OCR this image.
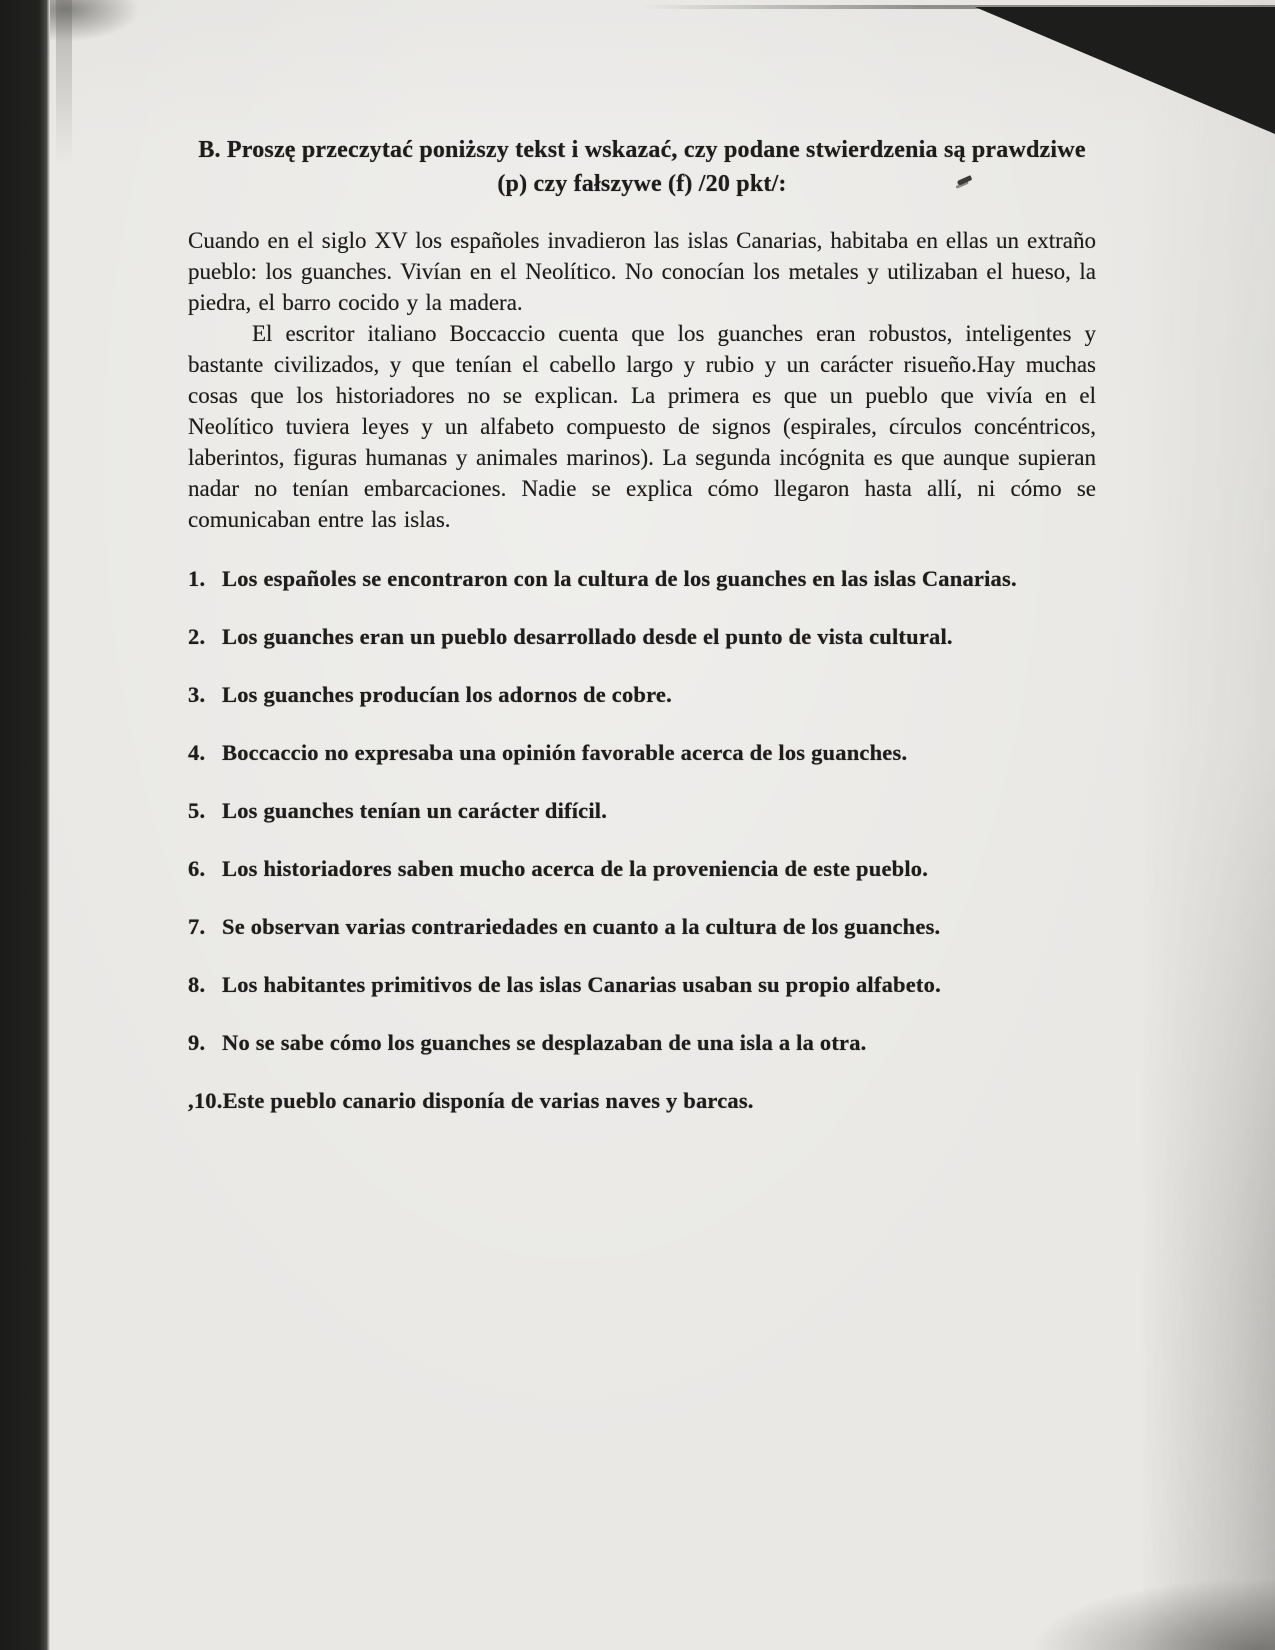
B. Proszę przeczytać poniższy tekst i wskazać, czy podane stwierdzenia są prawdziwe
(p) czy fałszywe (f) /20 pkt/:

Cuando en el siglo XV los españoles invadieron las islas Canarias, habitaba en ellas un extraño pueblo: los guanches. Vivían en el Neolítico. No conocían los metales y utilizaban el hueso, la piedra, el barro cocido y la madera.

El escritor italiano Boccaccio cuenta que los guanches eran robustos, inteligentes y bastante civilizados, y que tenían el cabello largo y rubio y un carácter risueño.Hay muchas cosas que los historiadores no se explican. La primera es que un pueblo que vivía en el Neolítico tuviera leyes y un alfabeto compuesto de signos (espirales, círculos concéntricos, laberintos, figuras humanas y animales marinos). La segunda incógnita es que aunque supieran nadar no tenían embarcaciones. Nadie se explica cómo llegaron hasta allí, ni cómo se comunicaban entre las islas.

1. Los españoles se encontraron con la cultura de los guanches en las islas Canarias.
2. Los guanches eran un pueblo desarrollado desde el punto de vista cultural.
3. Los guanches producían los adornos de cobre.
4. Boccaccio no expresaba una opinión favorable acerca de los guanches.
5. Los guanches tenían un carácter difícil.
6. Los historiadores saben mucho acerca de la proveniencia de este pueblo.
7. Se observan varias contrariedades en cuanto a la cultura de los guanches.
8. Los habitantes primitivos de las islas Canarias usaban su propio alfabeto.
9. No se sabe cómo los guanches se desplazaban de una isla a la otra.
,10. Este pueblo canario disponía de varias naves y barcas.
